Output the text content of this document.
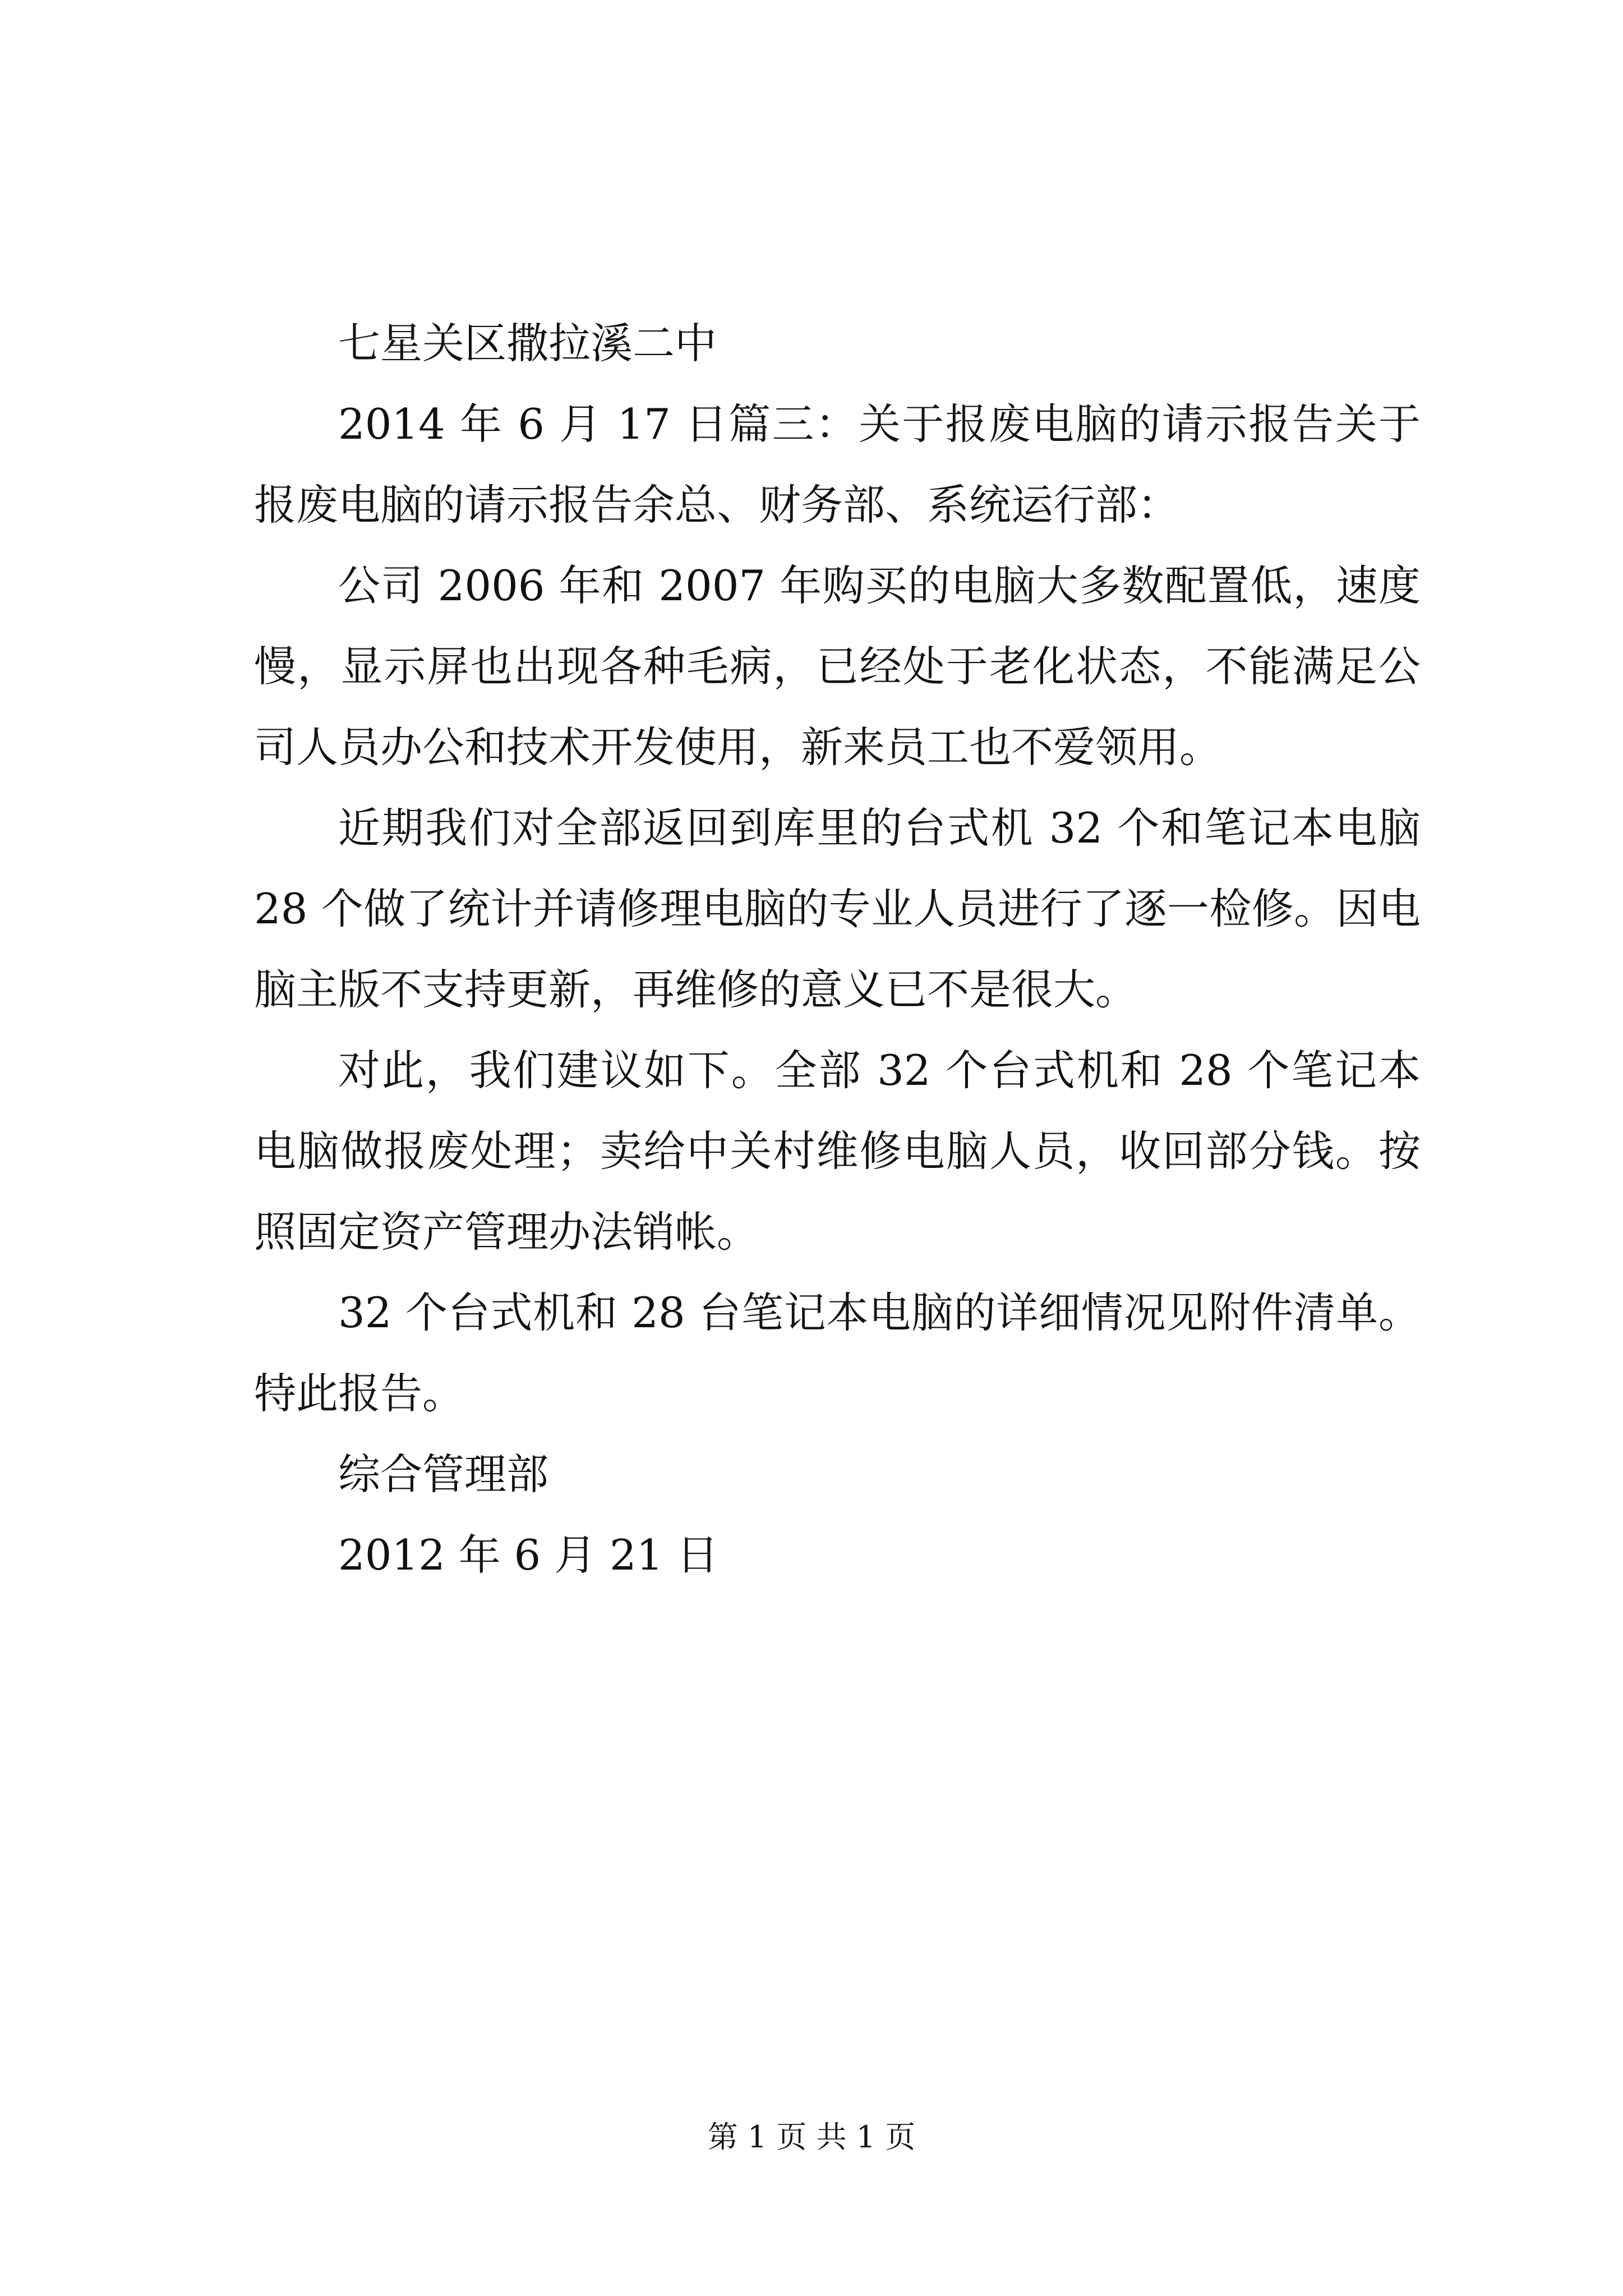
七星关区撒拉溪二中

2014 年 6 月 17 日篇三：关于报废电脑的请示报告关于报废电脑的请示报告余总、财务部、系统运行部：

公司 2006 年和 2007 年购买的电脑大多数配置低，速度慢，显示屏也出现各种毛病，已经处于老化状态，不能满足公司人员办公和技术开发使用，新来员工也不爱领用。

近期我们对全部返回到库里的台式机 32 个和笔记本电脑 28 个做了统计并请修理电脑的专业人员进行了逐一检修。因电脑主版不支持更新，再维修的意义已不是很大。

对此，我们建议如下。全部 32 个台式机和 28 个笔记本电脑做报废处理；卖给中关村维修电脑人员，收回部分钱。按照固定资产管理办法销帐。

32 个台式机和 28 台笔记本电脑的详细情况见附件清单。特此报告。

综合管理部

2012 年 6 月 21 日

第 1 页 共 1 页
